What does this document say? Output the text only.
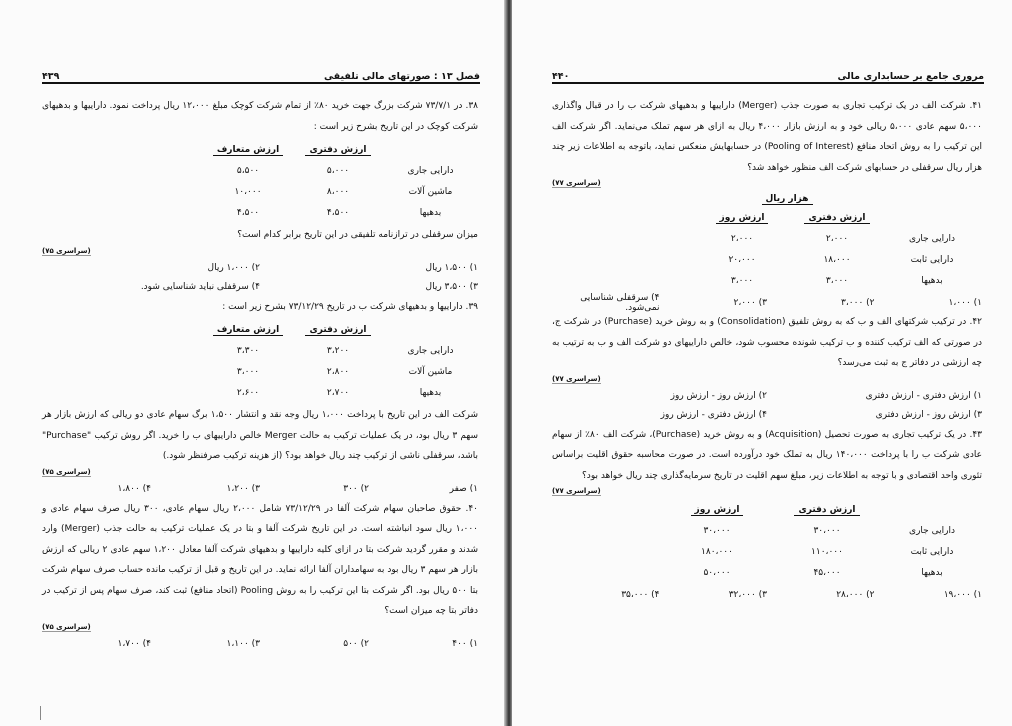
فصل ۱۳ : صورتهای مالی تلفیقی
۴۳۹
۳۸. در ۷۳/۷/۱ شرکت بزرگ جهت خرید ۸۰٪ از تمام شرکت کوچک مبلغ ۱۲،۰۰۰ ریال پرداخت نمود. داراییها و بدهیهای شرکت کوچک در این تاریخ بشرح زیر است :
ارزش دفتری
ارزش متعارف
دارایی جاری
۵،۰۰۰
۵،۵۰۰
ماشین آلات
۸،۰۰۰
۱۰،۰۰۰
بدهیها
۴،۵۰۰
۴،۵۰۰
میزان سرقفلی در ترازنامه تلفیقی در این تاریخ برابر کدام است؟
(سراسری ۷۵)
۱) ۱،۵۰۰ ریال
۲) ۱،۰۰۰ ریال
۳) ۳،۵۰۰ ریال
۴) سرقفلی نباید شناسایی شود.
۳۹. داراییها و بدهیهای شرکت ب در تاریخ ۷۳/۱۲/۲۹ بشرح زیر است :
ارزش دفتری
ارزش متعارف
دارایی جاری
۳،۲۰۰
۳،۳۰۰
ماشین آلات
۲،۸۰۰
۳،۰۰۰
بدهیها
۲،۷۰۰
۲،۶۰۰
شرکت الف در این تاریخ با پرداخت ۱،۰۰۰ ریال وجه نقد و انتشار ۱،۵۰۰ برگ سهام عادی دو ریالی که ارزش بازار هر سهم ۳ ریال بود، در یک عملیات ترکیب به حالت Merger خالص داراییهای ب را خرید. اگر روش ترکیب "Purchase" باشد، سرقفلی ناشی از ترکیب چند ریال خواهد بود؟ (از هزینه ترکیب صرفنظر شود.)
(سراسری ۷۵)
۱) صفر
۲) ۳۰۰
۳) ۱،۲۰۰
۴) ۱،۸۰۰
۴۰. حقوق صاحبان سهام شرکت آلفا در ۷۳/۱۲/۲۹ شامل ۲،۰۰۰ ریال سهام عادی، ۳۰۰ ریال صرف سهام عادی و ۱،۰۰۰ ریال سود انباشته است. در این تاریخ شرکت آلفا و بتا در یک عملیات ترکیب به حالت جذب (Merger) وارد شدند و مقرر گردید شرکت بتا در ازای کلیه داراییها و بدهیهای شرکت آلفا معادل ۱،۲۰۰ سهم عادی ۲ ریالی که ارزش بازار هر سهم ۳ ریال بود به سهامداران آلفا ارائه نماید. در این تاریخ و قبل از ترکیب مانده حساب صرف سهام شرکت بتا ۵۰۰ ریال بود. اگر شرکت بتا این ترکیب را به روش Pooling (اتحاد منافع) ثبت کند، صرف سهام پس از ترکیب در دفاتر بتا چه میزان است؟
(سراسری ۷۵)
۱) ۴۰۰
۲) ۵۰۰
۳) ۱،۱۰۰
۴) ۱،۷۰۰
مروری جامع بر حسابداری مالی
۴۴۰
۴۱. شرکت الف در یک ترکیب تجاری به صورت جذب (Merger) داراییها و بدهیهای شرکت ب را در قبال واگذاری ۵،۰۰۰ سهم عادی ۵،۰۰۰ ریالی خود و به ارزش بازار ۴،۰۰۰ ریال به ازای هر سهم تملک می‌نماید. اگر شرکت الف این ترکیب را به روش اتحاد منافع (Pooling of Interest) در حسابهایش منعکس نماید، باتوجه به اطلاعات زیر چند هزار ریال سرقفلی در حسابهای شرکت الف منظور خواهد شد؟
(سراسری ۷۷)
هزار ریال
ارزش دفتری
ارزش روز
دارایی جاری
۲،۰۰۰
۲،۰۰۰
دارایی ثابت
۱۸،۰۰۰
۲۰،۰۰۰
بدهیها
۳،۰۰۰
۳،۰۰۰
۱) ۱،۰۰۰
۲) ۳،۰۰۰
۳) ۲،۰۰۰
۴) سرقفلی شناسایی نمی‌شود.
۴۲. در ترکیب شرکتهای الف و ب که به روش تلفیق (Consolidation) و به روش خرید (Purchase) در شرکت ج، در صورتی که الف ترکیب کننده و ب ترکیب شونده محسوب شود، خالص داراییهای دو شرکت الف و ب به ترتیب به چه ارزشی در دفاتر ج به ثبت می‌رسد؟
(سراسری ۷۷)
۱) ارزش دفتری - ارزش دفتری
۲) ارزش روز - ارزش روز
۳) ارزش روز - ارزش دفتری
۴) ارزش دفتری - ارزش روز
۴۳. در یک ترکیب تجاری به صورت تحصیل (Acquisition) و به روش خرید (Purchase)، شرکت الف ۸۰٪ از سهام عادی شرکت ب را با پرداخت ۱۴۰،۰۰۰ ریال به تملک خود درآورده است. در صورت محاسبه حقوق اقلیت براساس تئوری واحد اقتصادی و با توجه به اطلاعات زیر، مبلغ سهم اقلیت در تاریخ سرمایه‌گذاری چند ریال خواهد بود؟
(سراسری ۷۷)
ارزش دفتری
ارزش روز
دارایی جاری
۳۰،۰۰۰
۳۰،۰۰۰
دارایی ثابت
۱۱۰،۰۰۰
۱۸۰،۰۰۰
بدهیها
۴۵،۰۰۰
۵۰،۰۰۰
۱) ۱۹،۰۰۰
۲) ۲۸،۰۰۰
۳) ۳۲،۰۰۰
۴) ۳۵،۰۰۰
